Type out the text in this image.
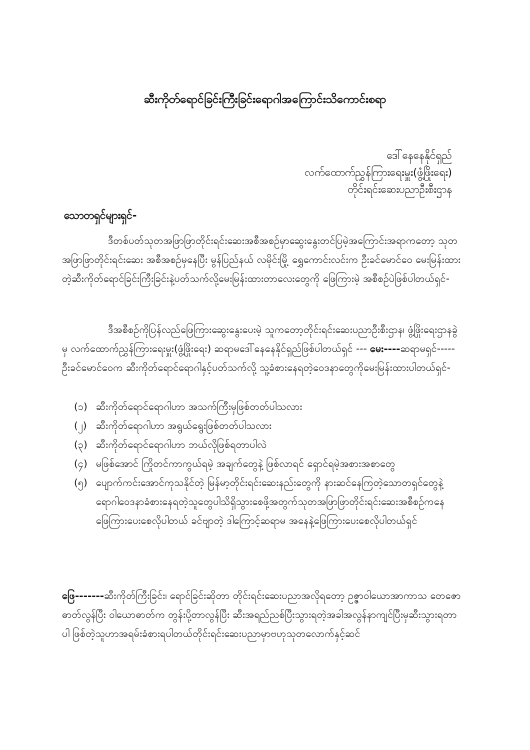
ဆီးကိုတ်ရောင်ခြင်းကြီးခြင်းရောဂါအကြောင်းသိကောင်းစရာ
ဒေါ်နေနေနိုင်ရှည်
လက်ထောက်ညွှန်ကြားရေးမှူး(ဖွံ့ဖြိုးရေး)
တိုင်းရင်းဆေးပညာဦးစီးဌာန
သောတရှင်များရှင်-
ဒီတစ်ပတ်သုတအဖြာဖြာတိုင်းရင်းဆေးအစီအစဉ်မှာဆွေးနွေးတင်ပြမဲ့အကြောင်းအရာကတော့ သုတအဖြာဖြာတိုင်းရင်းဆေး အစီအစဉ်မှနေပြီး မွန်ပြည်နယ် လမိုင်းမြို့ ရွှေကောင်းလင်းက ဦးခင်မောင်ဝေ မေးမြန်းထားတဲ့ဆီးကိုတ်ရောင်ခြင်းကြီးခြင်းနဲ့ပတ်သက်လို့မေးမြန်းထားတာလေးတွေကို ဖြေကြားမဲ့ အစီစဉ်ပဲဖြစ်ပါတယ်ရှင်-
ဒီအစီစဉ်ကိုပြန်လည်ဖြေကြားဆွေးနွေးပေးမဲ့ သူကတော့တိုင်းရင်းဆေးပညာဦးစီးဌာန၊ ဖွံ့ဖြိုးရေးဌာနခွဲမှ လက်ထောက်ညွှန်ကြားရေးမှူး(ဖွံ့ဖြိုးရေး) ဆရာမဒေါ်နေနေနိုင်ရှည်ဖြစ်ပါတယ်ရှင် --- မေး----ဆရာမရှင်-----ဦးခင်မောင်ဝေက ဆီးကိုတ်ရောင်ရောဂါနှင့်ပတ်သက်လို့ သူ့ခံစားနေရတဲ့ဝေဒနာတွေကိုမေးမြန်းထားပါတယ်ရှင်-
(၁) ဆီးကိုတ်ရောင်ရောဂါဟာ အသက်ကြီးမှဖြစ်တတ်ပါသလား
(၂) ဆီးကိုတ်ရောဂါဟာ အရွယ်ရွေးဖြစ်တတ်ပါသလား
(၃) ဆီးကိုတ်ရောင်ရောဂါဟာ ဘယ်လိုဖြစ်ရတာပါလဲ
(၄) မဖြစ်အောင် ကြိုတင်ကာကွယ်ရမဲ့ အချက်တွေနဲ့ ဖြစ်လာရင် ရှောင်ရမဲ့အစားအစာတွေ
(၅) ပျောက်ကင်းအောင်ကုသနိုင်တဲ့ မြန်မာ့တိုင်းရင်းဆေးနည်းတွေကို နားဆင်နေကြတဲ့သောတရှင်တွေနဲ့ရောဂါဝေဒနာခံစားနေရတဲ့သူတွေပါသိရှိသွားစေဖို့အတွက်သုတအဖြာဖြာတိုင်းရင်းဆေးအစီစဉ်ကနေ ဖြေကြားပေးစေလိုပါတယ် ခင်ဗျာတဲ့ ဒါကြောင့်ဆရာမ အနေနဲ့ဖြေကြားပေးစေလိုပါတယ်ရှင်
ဖြေ-------ဆီးကိုတ်ကြီးခြင်း၊ ရောင်ခြင်းဆိုတာ တိုင်းရင်းဆေးပညာအလိုရတော့ ဥဇ္ဇာဝါယောအာကာသ တေဇောဓာတ်လွန်ပြီး ဝါယောဓာတ်က တွန်းပို့တာလွန်ပြီး ဆီးအရည်ညစ်ပြီးသွားရတဲ့အခါအလွန်နာကျင်ပြီးမှဆီးသွားရတာပါ ဖြစ်တဲ့သူဟာအရမ်းခံစားရပါတယ်တိုင်းရင်းဆေးပညာမှာဗဟုသုတလောက်နှင့်ဆင်
